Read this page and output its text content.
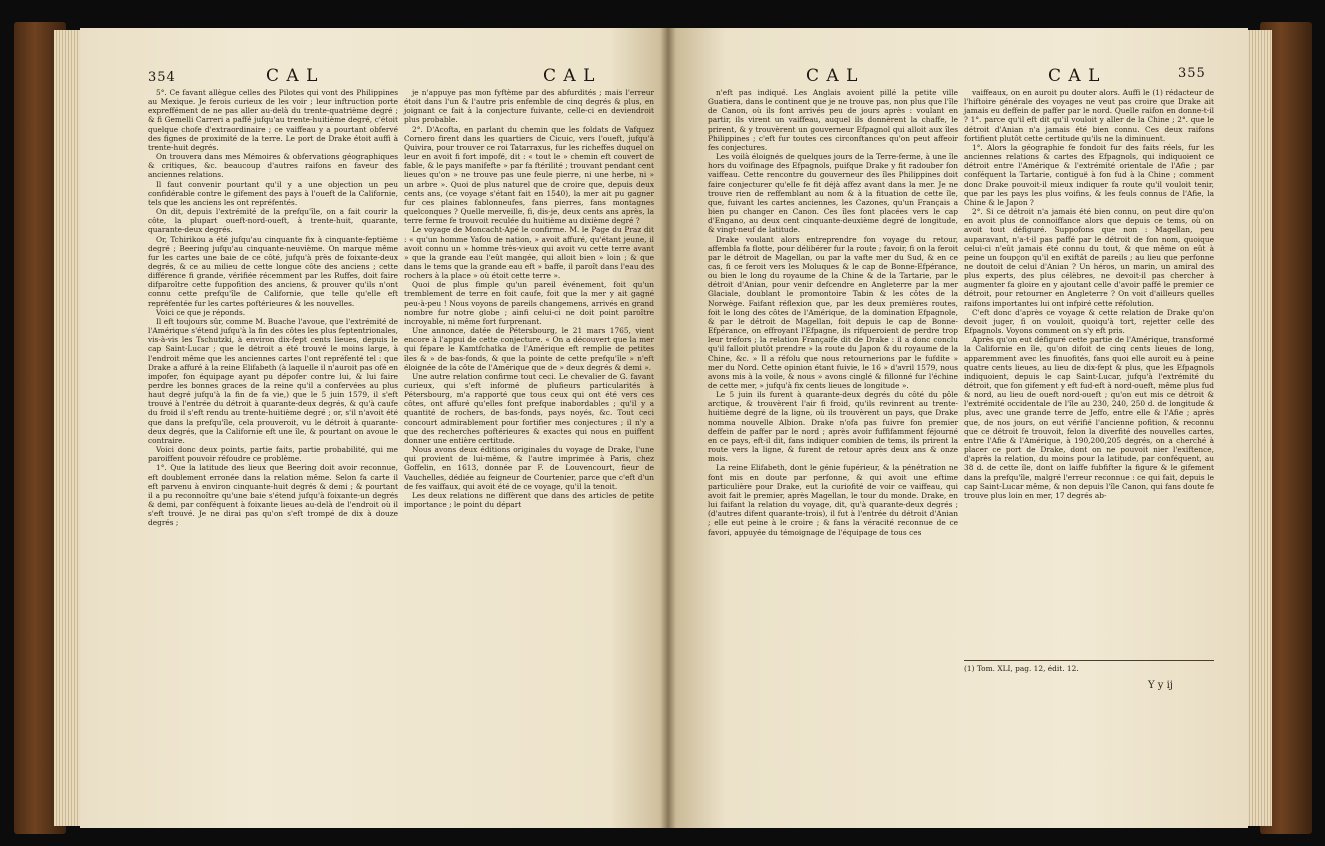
354	C A L	C A L

5°. Ce favant allègue celles des Pilotes qui vont des Philippines au Mexique. Je ferois curieux de les voir ; leur inftruction porte expreffément de ne pas aller au-delà du trente-quatrième degré ; & fi Gemelli Carreri a paffé jufqu'au trente-huitième degré, c'étoit quelque chofe d'extraordinaire ; ce vaiffeau y a pourtant obfervé des fignes de proximité de la terre. Le port de Drake étoit auffi à trente-huit degrés.

On trouvera dans mes Mémoires & obfervations géographiques & critiques, &c. beaucoup d'autres raifons en faveur des anciennes relations.

Il faut convenir pourtant qu'il y a une objection un peu confidérable contre le gifement des pays à l'oueft de la Californie, tels que les anciens les ont repréfentés.

On dit, depuis l'extrémité de la prefqu'île, on a fait courir la côte, la plupart oueft-nord-oueft, à trente-huit, quarante, quarante-deux degrés.

Or, Tchirikou a été jufqu'au cinquante fix à cinquante-feptième degré ; Beering jufqu'au cinquante-neuvième. On marque même fur les cartes une baie de ce côté, jufqu'à près de foixante-deux degrés, & ce au milieu de cette longue côte des anciens ; cette différence fi grande, vérifiée récemment par les Ruffes, doit faire difparoître cette fuppofition des anciens, & prouver qu'ils n'ont connu cette prefqu'île de Californie, que telle qu'elle eft repréfentée fur les cartes poftérieures & les nouvelles.

Voici ce que je réponds.

Il eft toujours sûr, comme M. Buache l'avoue, que l'extrémité de l'Amérique s'étend jufqu'à la fin des côtes les plus feptentrionales, vis-à-vis les Tschutzki, à environ dix-fept cents lieues, depuis le cap Saint-Lucar ; que le détroit a été trouvé le moins large, à l'endroit même que les anciennes cartes l'ont repréfenté tel : que Drake a affuré à la reine Elifabeth (à laquelle il n'auroit pas ofé en impofer, fon équipage ayant pu dépofer contre lui, & lui faire perdre les bonnes graces de la reine qu'il a confervées au plus haut degré jufqu'à la fin de fa vie,) que le 5 juin 1579, il s'eft trouvé à l'entrée du détroit à quarante-deux degrés, & qu'à caufe du froid il s'eft rendu au trente-huitième degré ; or, s'il n'avoit été que dans la prefqu'île, cela prouveroit, vu le détroit à quarante-deux degrés, que la Californie eft une île, & pourtant on avoue le contraire.

Voici donc deux points, partie faits, partie probabilité, qui me paroiffent pouvoir réfoudre ce problème.

1°. Que la latitude des lieux que Beering doit avoir reconnue, eft doublement erronée dans la relation même. Selon fa carte il eft parvenu à environ cinquante-huit degrés & demi ; & pourtant il a pu reconnoître qu'une baie s'étend jufqu'à foixante-un degrés & demi, par conféquent à foixante lieues au-delà de l'endroit où il s'eft trouvé. Je ne dirai pas qu'on s'eft trompé de dix à douze degrés ;

je n'appuye pas mon fyftème par des abfurdités ; mais l'erreur étoit dans l'un & l'autre pris enfemble de cinq degrés & plus, en joignant ce fait à la conjecture fuivante, celle-ci en deviendroit plus probable.

2°. D'Acofta, en parlant du chemin que les foldats de Vafquez Cornero firent dans les quartiers de Cicuic, vers l'oueft, jufqu'à Quivira, pour trouver ce roi Tatarraxus, fur les richeffes duquel on leur en avoit fi fort impofé, dit : « tout le » chemin eft couvert de fable, & le pays manifefte » par fa ftérilité ; trouvant pendant cent lieues qu'on » ne trouve pas une feule pierre, ni une herbe, ni » un arbre ». Quoi de plus naturel que de croire que, depuis deux cents ans, (ce voyage s'étant fait en 1540), la mer ait pu gagner fur ces plaines fablonneufes, fans pierres, fans montagnes quelconques ? Quelle merveille, fi, dis-je, deux cents ans après, la terre ferme fe trouvoit reculée du huitième au dixième degré ?

Le voyage de Moncacht-Apé le confirme. M. le Page du Praz dit : « qu'un homme Yafou de nation, » avoit affuré, qu'étant jeune, il avoit connu un » homme très-vieux qui avoit vu cette terre avant » que la grande eau l'eût mangée, qui alloit bien » loin ; & que dans le tems que la grande eau eft » baffe, il paroît dans l'eau des rochers à la place » où étoit cette terre ».

Quoi de plus fimple qu'un pareil événement, foit qu'un tremblement de terre en foit caufe, foit que la mer y ait gagné peu-à-peu ! Nous voyons de pareils changemens, arrivés en grand nombre fur notre globe ; ainfi celui-ci ne doit point paroître incroyable, ni même fort furprenant.

Une annonce, datée de Pétersbourg, le 21 mars 1765, vient encore à l'appui de cette conjecture. « On a découvert que la mer qui fépare le Kamtfchatka de l'Amérique eft remplie de petites îles & » de bas-fonds, & que la pointe de cette prefqu'île » n'eft éloignée de la côte de l'Amérique que de » deux degrés & demi ».

Une autre relation confirme tout ceci. Le chevalier de G. favant curieux, qui s'eft informé de plufieurs particularités à Pétersbourg, m'a rapporté que tous ceux qui ont été vers ces côtes, ont affuré qu'elles font prefque inabordables ; qu'il y a quantité de rochers, de bas-fonds, pays noyés, &c. Tout ceci concourt admirablement pour fortifier mes conjectures ; il n'y a que des recherches poftérieures & exactes qui nous en puiffent donner une entière certitude.

Nous avons deux éditions originales du voyage de Drake, l'une qui provient de lui-même, & l'autre imprimée à Paris, chez Goffelin, en 1613, donnée par F. de Louvencourt, fieur de Vauchelles, dédiée au feigneur de Courtenier, parce que c'eft d'un de fes vaiffaux, qui avoit été de ce voyage, qu'il la tenoit.

Les deux relations ne diffèrent que dans des articles de petite importance ; le point du départ

C A L	C A L	355

n'eft pas indiqué. Les Anglais avoient pillé la petite ville Guatiera, dans le continent que je ne trouve pas, non plus que l'île de Canon, où ils font arrivés peu de jours après : voulant en partir, ils virent un vaiffeau, auquel ils donnèrent la chaffe, le prirent, & y trouvèrent un gouverneur Efpagnol qui alloit aux îles Philippines ; c'eft fur toutes ces circonftances qu'on peut affeoir fes conjectures.

Les voilà éloignés de quelques jours de la Terre-ferme, à une île hors du voifinage des Efpagnols, puifque Drake y fit radouber fon vaiffeau. Cette rencontre du gouverneur des îles Philippines doit faire conjecturer qu'elle fe fit déjà affez avant dans la mer. Je ne trouve rien de reffemblant au nom & à la fituation de cette île, que, fuivant les cartes anciennes, les Cazones, qu'un Français a bien pu changer en Canon. Ces îles font placées vers le cap d'Engano, au deux cent cinquante-deuxième degré de longitude, & vingt-neuf de latitude.

Drake voulant alors entreprendre fon voyage du retour, affembla fa flotte, pour délibérer fur la route ; favoir, fi on la feroit par le détroit de Magellan, ou par la vafte mer du Sud, & en ce cas, fi ce feroit vers les Moluques & le cap de Bonne-Efpérance, ou bien le long du royaume de la Chine & de la Tartarie, par le détroit d'Anian, pour venir defcendre en Angleterre par la mer Glaciale, doublant le promontoire Tabin & les côtes de la Norwège. Faifant réflexion que, par les deux premières routes, foit le long des côtes de l'Amérique, de la domination Efpagnole, & par le détroit de Magellan, foit depuis le cap de Bonne-Efpérance, on effroyant l'Efpagne, ils rifqueroient de perdre trop leur tréfors ; la relation Françaife dit de Drake : il a donc conclu qu'il falloit plutôt prendre » la route du Japon & du royaume de la Chine, &c. » Il a réfolu que nous retournerions par le fufdite » mer du Nord. Cette opinion étant fuivie, le 16 » d'avril 1579, nous avons mis à la voile, & nous » avons cinglé & fillonné fur l'échine de cette mer, » jufqu'à fix cents lieues de longitude ».

Le 5 juin ils furent à quarante-deux degrés du côté du pôle arctique, & trouvèrent l'air fi froid, qu'ils revinrent au trente-huitième degré de la ligne, où ils trouvèrent un pays, que Drake nomma nouvelle Albion. Drake n'ofa pas fuivre fon premier deffein de paffer par le nord ; après avoir fuffifamment féjourné en ce pays, eft-il dit, fans indiquer combien de tems, ils prirent la route vers la ligne, & furent de retour après deux ans & onze mois.

La reine Elifabeth, dont le génie fupérieur, & la pénétration ne font mis en doute par perfonne, & qui avoit une eftime particulière pour Drake, eut la curiofité de voir ce vaiffeau, qui avoit fait le premier, après Magellan, le tour du monde. Drake, en lui faifant la relation du voyage, dit, qu'à quarante-deux degrés ; (d'autres difent quarante-trois), il fut à l'entrée du détroit d'Anian ; elle eut peine à le croire ; & fans la véracité reconnue de ce favori, appuyée du témoignage de l'équipage de tous ces

vaiffeaux, on en auroit pu douter alors. Auffi le (1) rédacteur de l'hiftoire générale des voyages ne veut pas croire que Drake ait jamais eu deffein de paffer par le nord. Quelle raifon en donne-t-il ? 1°. parce qu'il eft dit qu'il vouloit y aller de la Chine ; 2°. que le détroit d'Anian n'a jamais été bien connu. Ces deux raifons fortifient plutôt cette certitude qu'ils ne la diminuent.

1°. Alors la géographie fe fondoit fur des faits réels, fur les anciennes relations & cartes des Efpagnols, qui indiquoient ce détroit entre l'Amérique & l'extrémité orientale de l'Afie ; par conféquent la Tartarie, contiguë à fon fud à la Chine ; comment donc Drake pouvoit-il mieux indiquer fa route qu'il vouloit tenir, que par les pays les plus voifins, & les feuls connus de l'Afie, la Chine & le Japon ?

2°. Si ce détroit n'a jamais été bien connu, on peut dire qu'on en avoit plus de connoiffance alors que depuis ce tems, où on avoit tout défiguré. Suppofons que non : Magellan, peu auparavant, n'a-t-il pas paffé par le détroit de fon nom, quoique celui-ci n'eût jamais été connu du tout, & que même on eût à peine un foupçon qu'il en exiftât de pareils ; au lieu que perfonne ne doutoit de celui d'Anian ? Un héros, un marin, un amiral des plus experts, des plus célèbres, ne devoit-il pas chercher à augmenter fa gloire en y ajoutant celle d'avoir paffé le premier ce détroit, pour retourner en Angleterre ? On voit d'ailleurs quelles raifons importantes lui ont infpiré cette réfolution.

C'eft donc d'après ce voyage & cette relation de Drake qu'on devoit juger, fi on vouloit, quoiqu'à tort, rejetter celle des Efpagnols. Voyons comment on s'y eft pris.

Après qu'on eut défiguré cette partie de l'Amérique, transformé la Californie en île, qu'on difoit de cinq cents lieues de long, apparemment avec les finuofités, fans quoi elle auroit eu à peine quatre cents lieues, au lieu de dix-fept & plus, que les Efpagnols indiquoient, depuis le cap Saint-Lucar, jufqu'à l'extrémité du détroit, que fon gifement y eft fud-eft à nord-oueft, même plus fud & nord, au lieu de oueft nord-oueft ; qu'on eut mis ce détroit & l'extrémité occidentale de l'île au 230, 240, 250 d. de longitude & plus, avec une grande terre de Jeffo, entre elle & l'Afie ; après que, de nos jours, on eut vérifié l'ancienne pofition, & reconnu que ce détroit fe trouvoit, felon la diverfité des nouvelles cartes, entre l'Afie & l'Amérique, à 190,200,205 degrés, on a cherché à placer ce port de Drake, dont on ne pouvoit nier l'exiftence, d'après la relation, du moins pour la latitude, par conféquent, au 38 d. de cette île, dont on laiffe fubfifter la figure & le gifement dans la prefqu'île, malgré l'erreur reconnue : ce qui fait, depuis le cap Saint-Lucar même, & non depuis l'île Canon, qui fans doute fe trouve plus loin en mer, 17 degrés ab-

(1) Tom. XLI, pag. 12, édit. 12.
Y y ij
